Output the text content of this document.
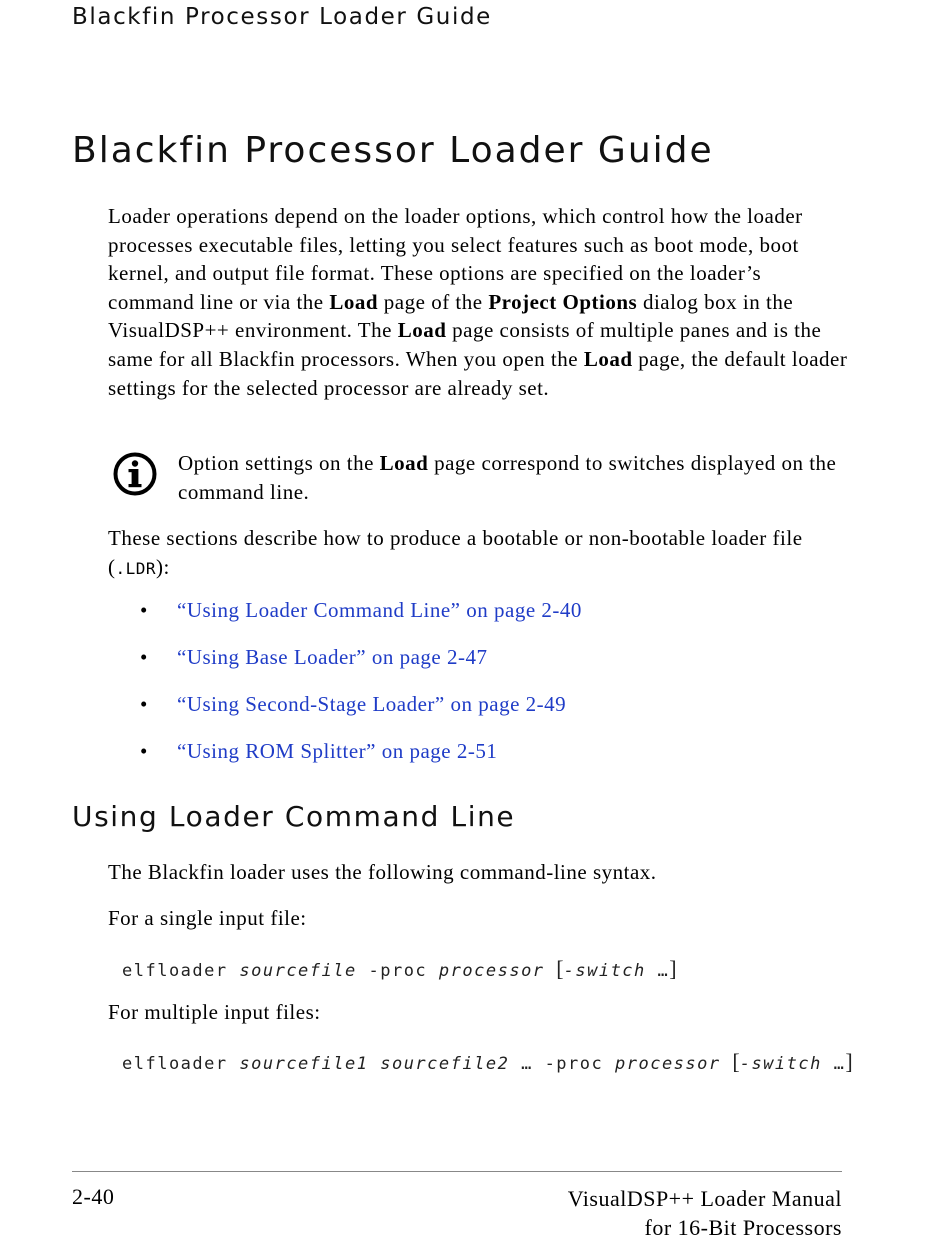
Blackfin Processor Loader Guide
Blackfin Processor Loader Guide

Loader operations depend on the loader options, which control how the loader processes executable files, letting you select features such as boot mode, boot kernel, and output file format. These options are specified on the loader’s command line or via the Load page of the Project Options dialog box in the VisualDSP++ environment. The Load page consists of multiple panes and is the same for all Blackfin processors. When you open the Load page, the default loader settings for the selected processor are already set.

Option settings on the Load page correspond to switches displayed on the command line.

These sections describe how to produce a bootable or non-bootable loader file (.LDR):

•	“Using Loader Command Line” on page 2-40
•	“Using Base Loader” on page 2-47
•	“Using Second-Stage Loader” on page 2-49
•	“Using ROM Splitter” on page 2-51
Using Loader Command Line

The Blackfin loader uses the following command-line syntax.

For a single input file:

elfloader sourcefile -proc processor [-switch …]

For multiple input files:

elfloader sourcefile1 sourcefile2 … -proc processor [-switch …]

2-40	VisualDSP++ Loader Manual
for 16-Bit Processors
